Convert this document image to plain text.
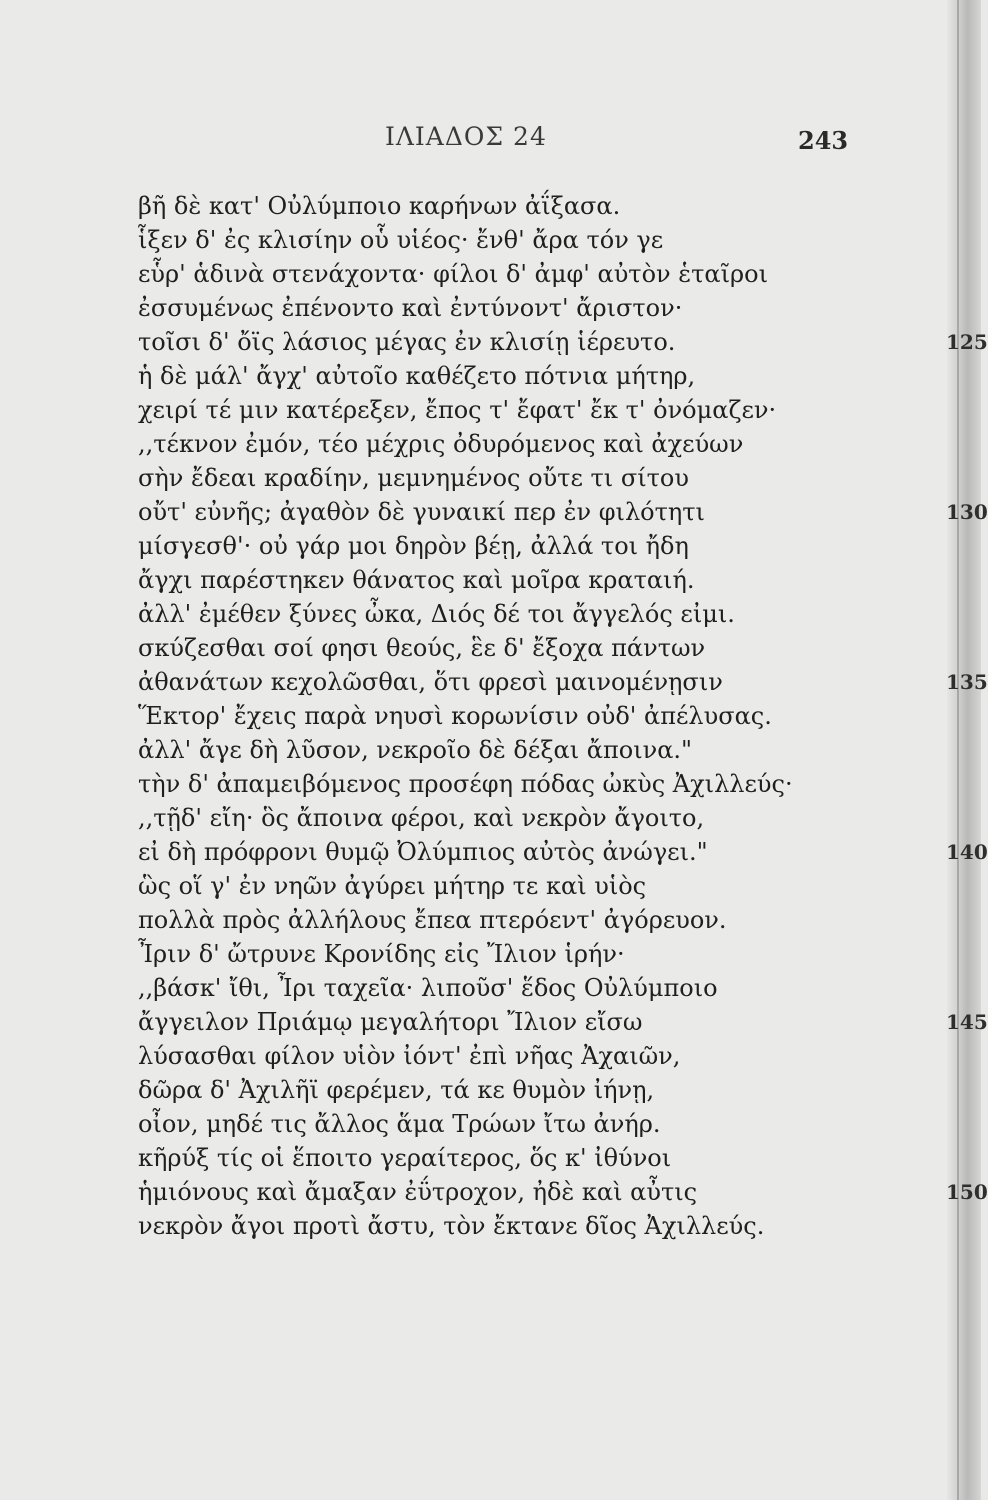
ΙΛΙΑΔΟΣ 24	243
βῆ δὲ κατ' Οὐλύμποιο καρήνων ἀΐξασα.
ἷξεν δ' ἐς κλισίην οὗ υἱέος· ἔνθ' ἄρα τόν γε
εὗρ' ἁδινὰ στενάχοντα· φίλοι δ' ἀμφ' αὐτὸν ἑταῖροι
ἐσσυμένως ἐπένοντο καὶ ἐντύνοντ' ἄριστον·
τοῖσι δ' ὄϊς λάσιος μέγας ἐν κλισίῃ ἱέρευτο.	125
ἡ δὲ μάλ' ἄγχ' αὐτοῖο καθέζετο πότνια μήτηρ,
χειρί τέ μιν κατέρεξεν, ἔπος τ' ἔφατ' ἔκ τ' ὀνόμαζεν·
,,τέκνον ἐμόν, τέο μέχρις ὀδυρόμενος καὶ ἀχεύων
σὴν ἔδεαι κραδίην, μεμνημένος οὔτε τι σίτου
οὔτ' εὐνῆς; ἀγαθὸν δὲ γυναικί περ ἐν φιλότητι	130
μίσγεσθ'· οὐ γάρ μοι δηρὸν βέῃ, ἀλλά τοι ἤδη
ἄγχι παρέστηκεν θάνατος καὶ μοῖρα κραταιή.
ἀλλ' ἐμέθεν ξύνες ὦκα, Διός δέ τοι ἄγγελός εἰμι.
σκύζεσθαι σοί φησι θεούς, ἓε δ' ἔξοχα πάντων
ἀθανάτων κεχολῶσθαι, ὅτι φρεσὶ μαινομένῃσιν	135
Ἕκτορ' ἔχεις παρὰ νηυσὶ κορωνίσιν οὐδ' ἀπέλυσας.
ἀλλ' ἄγε δὴ λῦσον, νεκροῖο δὲ δέξαι ἄποινα."
τὴν δ' ἀπαμειβόμενος προσέφη πόδας ὠκὺς Ἀχιλλεύς·
,,τῇδ' εἴη· ὃς ἄποινα φέροι, καὶ νεκρὸν ἄγοιτο,
εἰ δὴ πρόφρονι θυμῷ Ὀλύμπιος αὐτὸς ἀνώγει."	140
ὣς οἵ γ' ἐν νηῶν ἀγύρει μήτηρ τε καὶ υἱὸς
πολλὰ πρὸς ἀλλήλους ἔπεα πτερόεντ' ἀγόρευον.
Ἶριν δ' ὤτρυνε Κρονίδης εἰς Ἴλιον ἱρήν·
,,βάσκ' ἴθι, Ἶρι ταχεῖα· λιποῦσ' ἕδος Οὐλύμποιο
ἄγγειλον Πριάμῳ μεγαλήτορι Ἴλιον εἴσω	145
λύσασθαι φίλον υἱὸν ἰόντ' ἐπὶ νῆας Ἀχαιῶν,
δῶρα δ' Ἀχιλῆϊ φερέμεν, τά κε θυμὸν ἰήνῃ,
οἶον, μηδέ τις ἄλλος ἅμα Τρώων ἴτω ἀνήρ.
κῆρύξ τίς οἱ ἕποιτο γεραίτερος, ὅς κ' ἰθύνοι
ἡμιόνους καὶ ἄμαξαν ἐΰτροχον, ἠδὲ καὶ αὖτις	150
νεκρὸν ἄγοι προτὶ ἄστυ, τὸν ἔκτανε δῖος Ἀχιλλεύς.
